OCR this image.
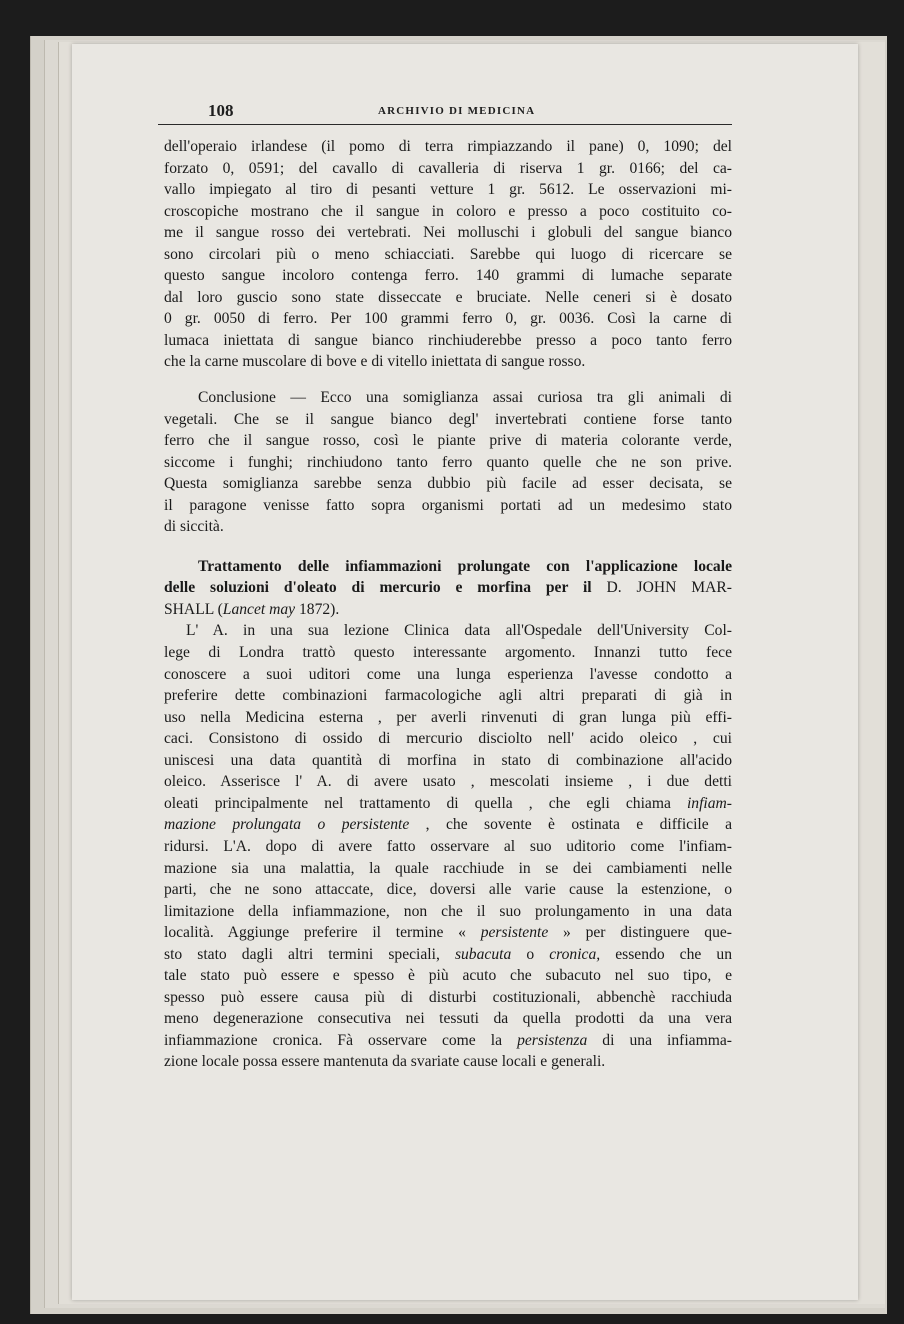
108	ARCHIVIO DI MEDICINA
dell'operaio irlandese (il pomo di terra rimpiazzando il pane) 0, 1090; del
forzato 0, 0591; del cavallo di cavalleria di riserva 1 gr. 0166; del ca-
vallo impiegato al tiro di pesanti vetture 1 gr. 5612. Le osservazioni mi-
croscopiche mostrano che il sangue in coloro e presso a poco costituito co-
me il sangue rosso dei vertebrati. Nei molluschi i globuli del sangue bianco
sono circolari più o meno schiacciati. Sarebbe qui luogo di ricercare se
questo sangue incoloro contenga ferro. 140 grammi di lumache separate
dal loro guscio sono state disseccate e bruciate. Nelle ceneri si è dosato
0 gr. 0050 di ferro. Per 100 grammi ferro 0, gr. 0036. Così la carne di
lumaca iniettata di sangue bianco rinchiuderebbe presso a poco tanto ferro
che la carne muscolare di bove e di vitello iniettata di sangue rosso.
Conclusione — Ecco una somiglianza assai curiosa tra gli animali di
vegetali. Che se il sangue bianco degl' invertebrati contiene forse tanto
ferro che il sangue rosso, così le piante prive di materia colorante verde,
siccome i funghi; rinchiudono tanto ferro quanto quelle che ne son prive.
Questa somiglianza sarebbe senza dubbio più facile ad esser decisata, se
il paragone venisse fatto sopra organismi portati ad un medesimo stato
di siccità.
Trattamento delle infiammazioni prolungate con l'applicazione locale
delle soluzioni d'oleato di mercurio e morfina per il D. JOHN MAR-
SHALL (Lancet may 1872).
L' A. in una sua lezione Clinica data all'Ospedale dell'University Col-
lege di Londra trattò questo interessante argomento. Innanzi tutto fece
conoscere a suoi uditori come una lunga esperienza l'avesse condotto a
preferire dette combinazioni farmacologiche agli altri preparati di già in
uso nella Medicina esterna , per averli rinvenuti di gran lunga più effi-
caci. Consistono di ossido di mercurio disciolto nell' acido oleico , cui
uniscesi una data quantità di morfina in stato di combinazione all'acido
oleico. Asserisce l' A. di avere usato , mescolati insieme , i due detti
oleati principalmente nel trattamento di quella , che egli chiama infiam-
mazione prolungata o persistente , che sovente è ostinata e difficile a
ridursi. L'A. dopo di avere fatto osservare al suo uditorio come l'infiam-
mazione sia una malattia, la quale racchiude in se dei cambiamenti nelle
parti, che ne sono attaccate, dice, doversi alle varie cause la estenzione, o
limitazione della infiammazione, non che il suo prolungamento in una data
località. Aggiunge preferire il termine « persistente » per distinguere que-
sto stato dagli altri termini speciali, subacuta o cronica, essendo che un
tale stato può essere e spesso è più acuto che subacuto nel suo tipo, e
spesso può essere causa più di disturbi costituzionali, abbenchè racchiuda
meno degenerazione consecutiva nei tessuti da quella prodotti da una vera
infiammazione cronica. Fà osservare come la persistenza di una infiamma-
zione locale possa essere mantenuta da svariate cause locali e generali.
